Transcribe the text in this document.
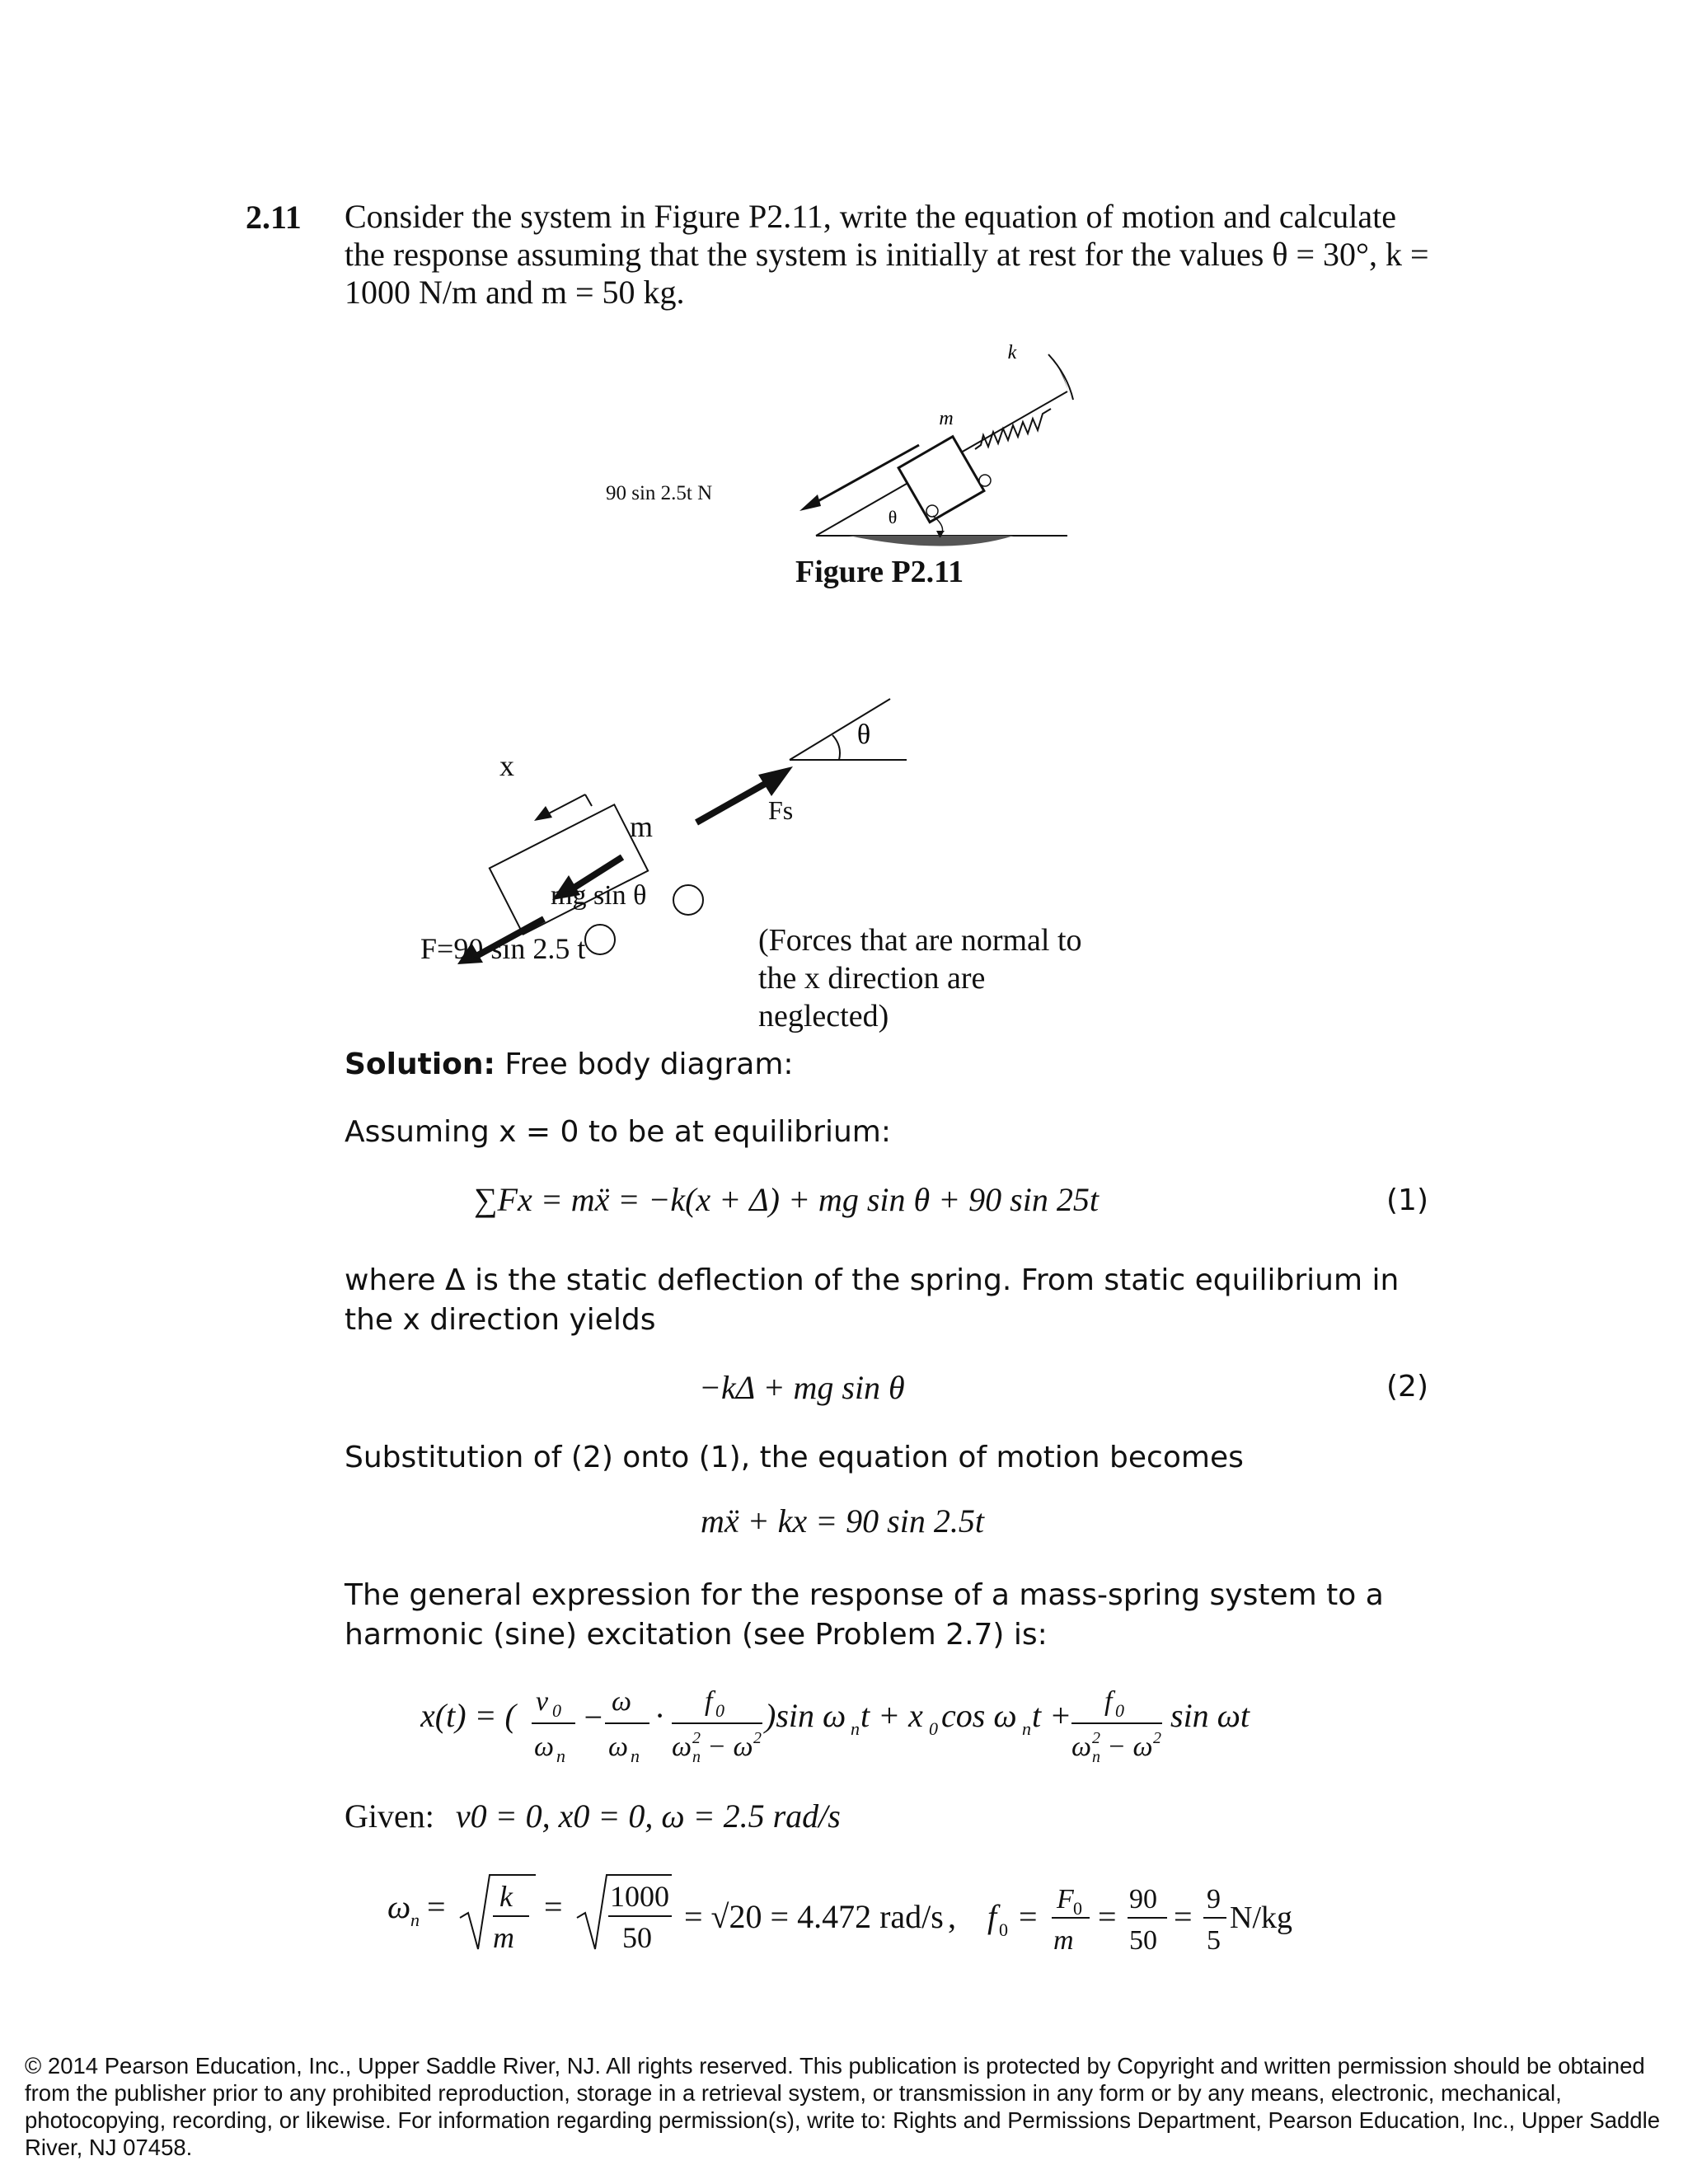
2.11 Consider the system in Figure P2.11, write the equation of motion and calculate the response assuming that the system is initially at rest for the values θ = 30°, k = 1000 N/m and m = 50 kg.
m
k
θ
90 sin 2.5t N
Figure P2.11
θ
x
m	Fs
mg sin θ
F=90 sin 2.5 t	(Forces that are normal to the x direction are neglected)
Solution: Free body diagram:
Assuming x = 0 to be at equilibrium:
∑Fx = mẍ = −k(x + Δ) + mg sin θ + 90 sin 25t	(1)
where Δ is the static deflection of the spring. From static equilibrium in the x direction yields
−kΔ + mg sin θ	(2)
Substitution of (2) onto (1), the equation of motion becomes
mẍ + kx = 90 sin 2.5t
The general expression for the response of a mass-spring system to a harmonic (sine) excitation (see Problem 2.7) is:
x(t) = ( v 0
ω n
− ω
ω n
· f 0
ω 2
n − ω 2
)sin ω n t + x 0 cos ω n t + f 0
ω 2
n − ω 2
sin ωt
Given: v0 = 0, x0 = 0, ω = 2.5 rad/s
ω n = k
m
= 1000
50
= √20 = 4.472 rad/s , f 0 = F 0
m
= 90
50
= 9
5
N/kg
© 2014 Pearson Education, Inc., Upper Saddle River, NJ. All rights reserved. This publication is protected by Copyright and written permission should be obtained from the publisher prior to any prohibited reproduction, storage in a retrieval system, or transmission in any form or by any means, electronic, mechanical, photocopying, recording, or likewise. For information regarding permission(s), write to: Rights and Permissions Department, Pearson Education, Inc., Upper Saddle River, NJ 07458.
